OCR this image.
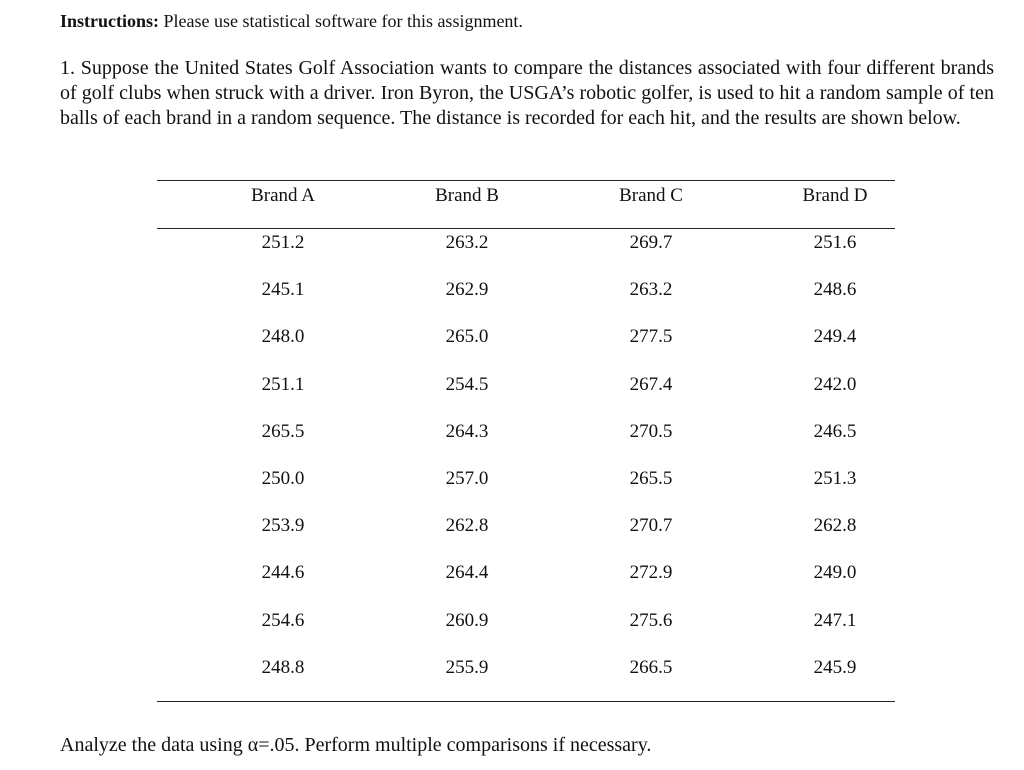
Instructions: Please use statistical software for this assignment.
1. Suppose the United States Golf Association wants to compare the distances associated with four different brands of golf clubs when struck with a driver. Iron Byron, the USGA’s robotic golfer, is used to hit a random sample of ten balls of each brand in a random sequence. The distance is recorded for each hit, and the results are shown below.
Brand A	Brand B	Brand C	Brand D
251.2	263.2	269.7	251.6
245.1	262.9	263.2	248.6
248.0	265.0	277.5	249.4
251.1	254.5	267.4	242.0
265.5	264.3	270.5	246.5
250.0	257.0	265.5	251.3
253.9	262.8	270.7	262.8
244.6	264.4	272.9	249.0
254.6	260.9	275.6	247.1
248.8	255.9	266.5	245.9
Analyze the data using α=.05. Perform multiple comparisons if necessary.
